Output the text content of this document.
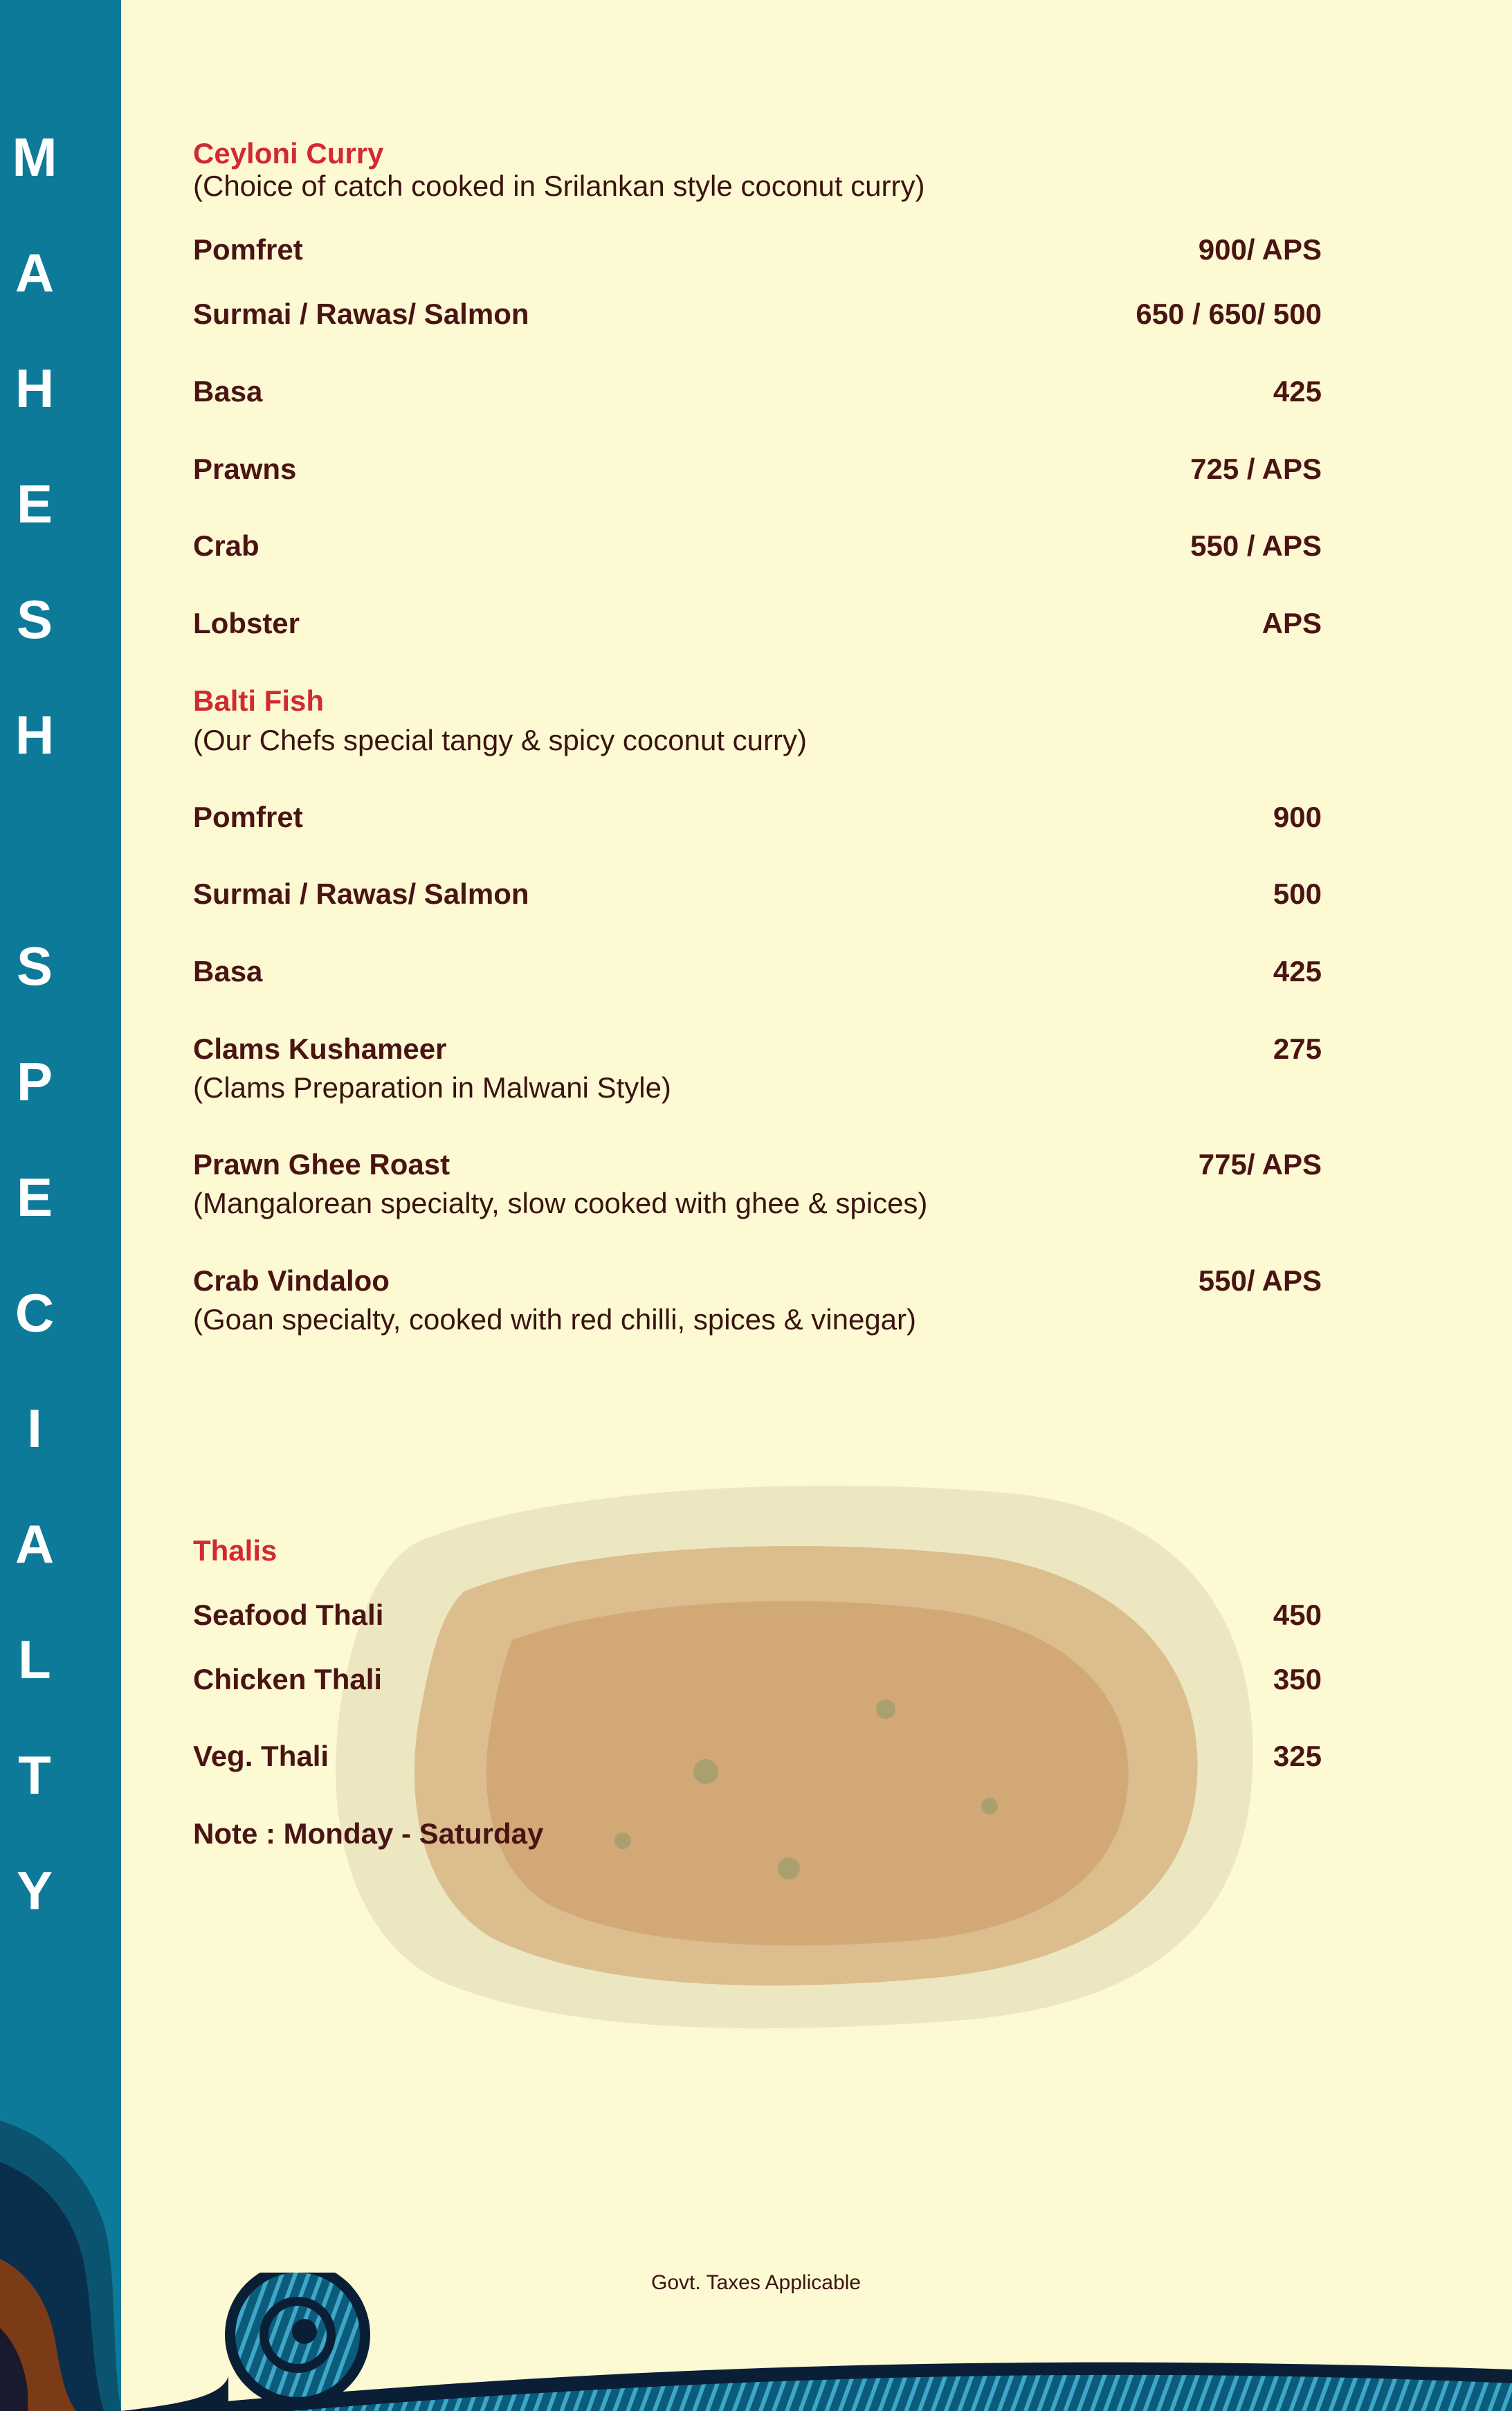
M
A
H
E
S
H
S
P
E
C
I
A
L
T
Y
Ceyloni Curry
(Choice of catch cooked in Srilankan style coconut curry)
Pomfret	900/ APS
Surmai / Rawas/ Salmon	650 / 650/ 500
Basa	425
Prawns	725 / APS
Crab	550 / APS
Lobster	APS
Balti Fish
(Our Chefs special tangy & spicy coconut curry)
Pomfret	900
Surmai / Rawas/ Salmon	500
Basa	425
Clams Kushameer	275
(Clams Preparation in Malwani Style)
Prawn Ghee Roast	775/ APS
(Mangalorean specialty, slow cooked with ghee & spices)
Crab Vindaloo	550/ APS
(Goan specialty, cooked with red chilli, spices & vinegar)
Thalis
Seafood Thali	450
Chicken Thali	350
Veg. Thali	325
Note : Monday - Saturday
Govt. Taxes Applicable
